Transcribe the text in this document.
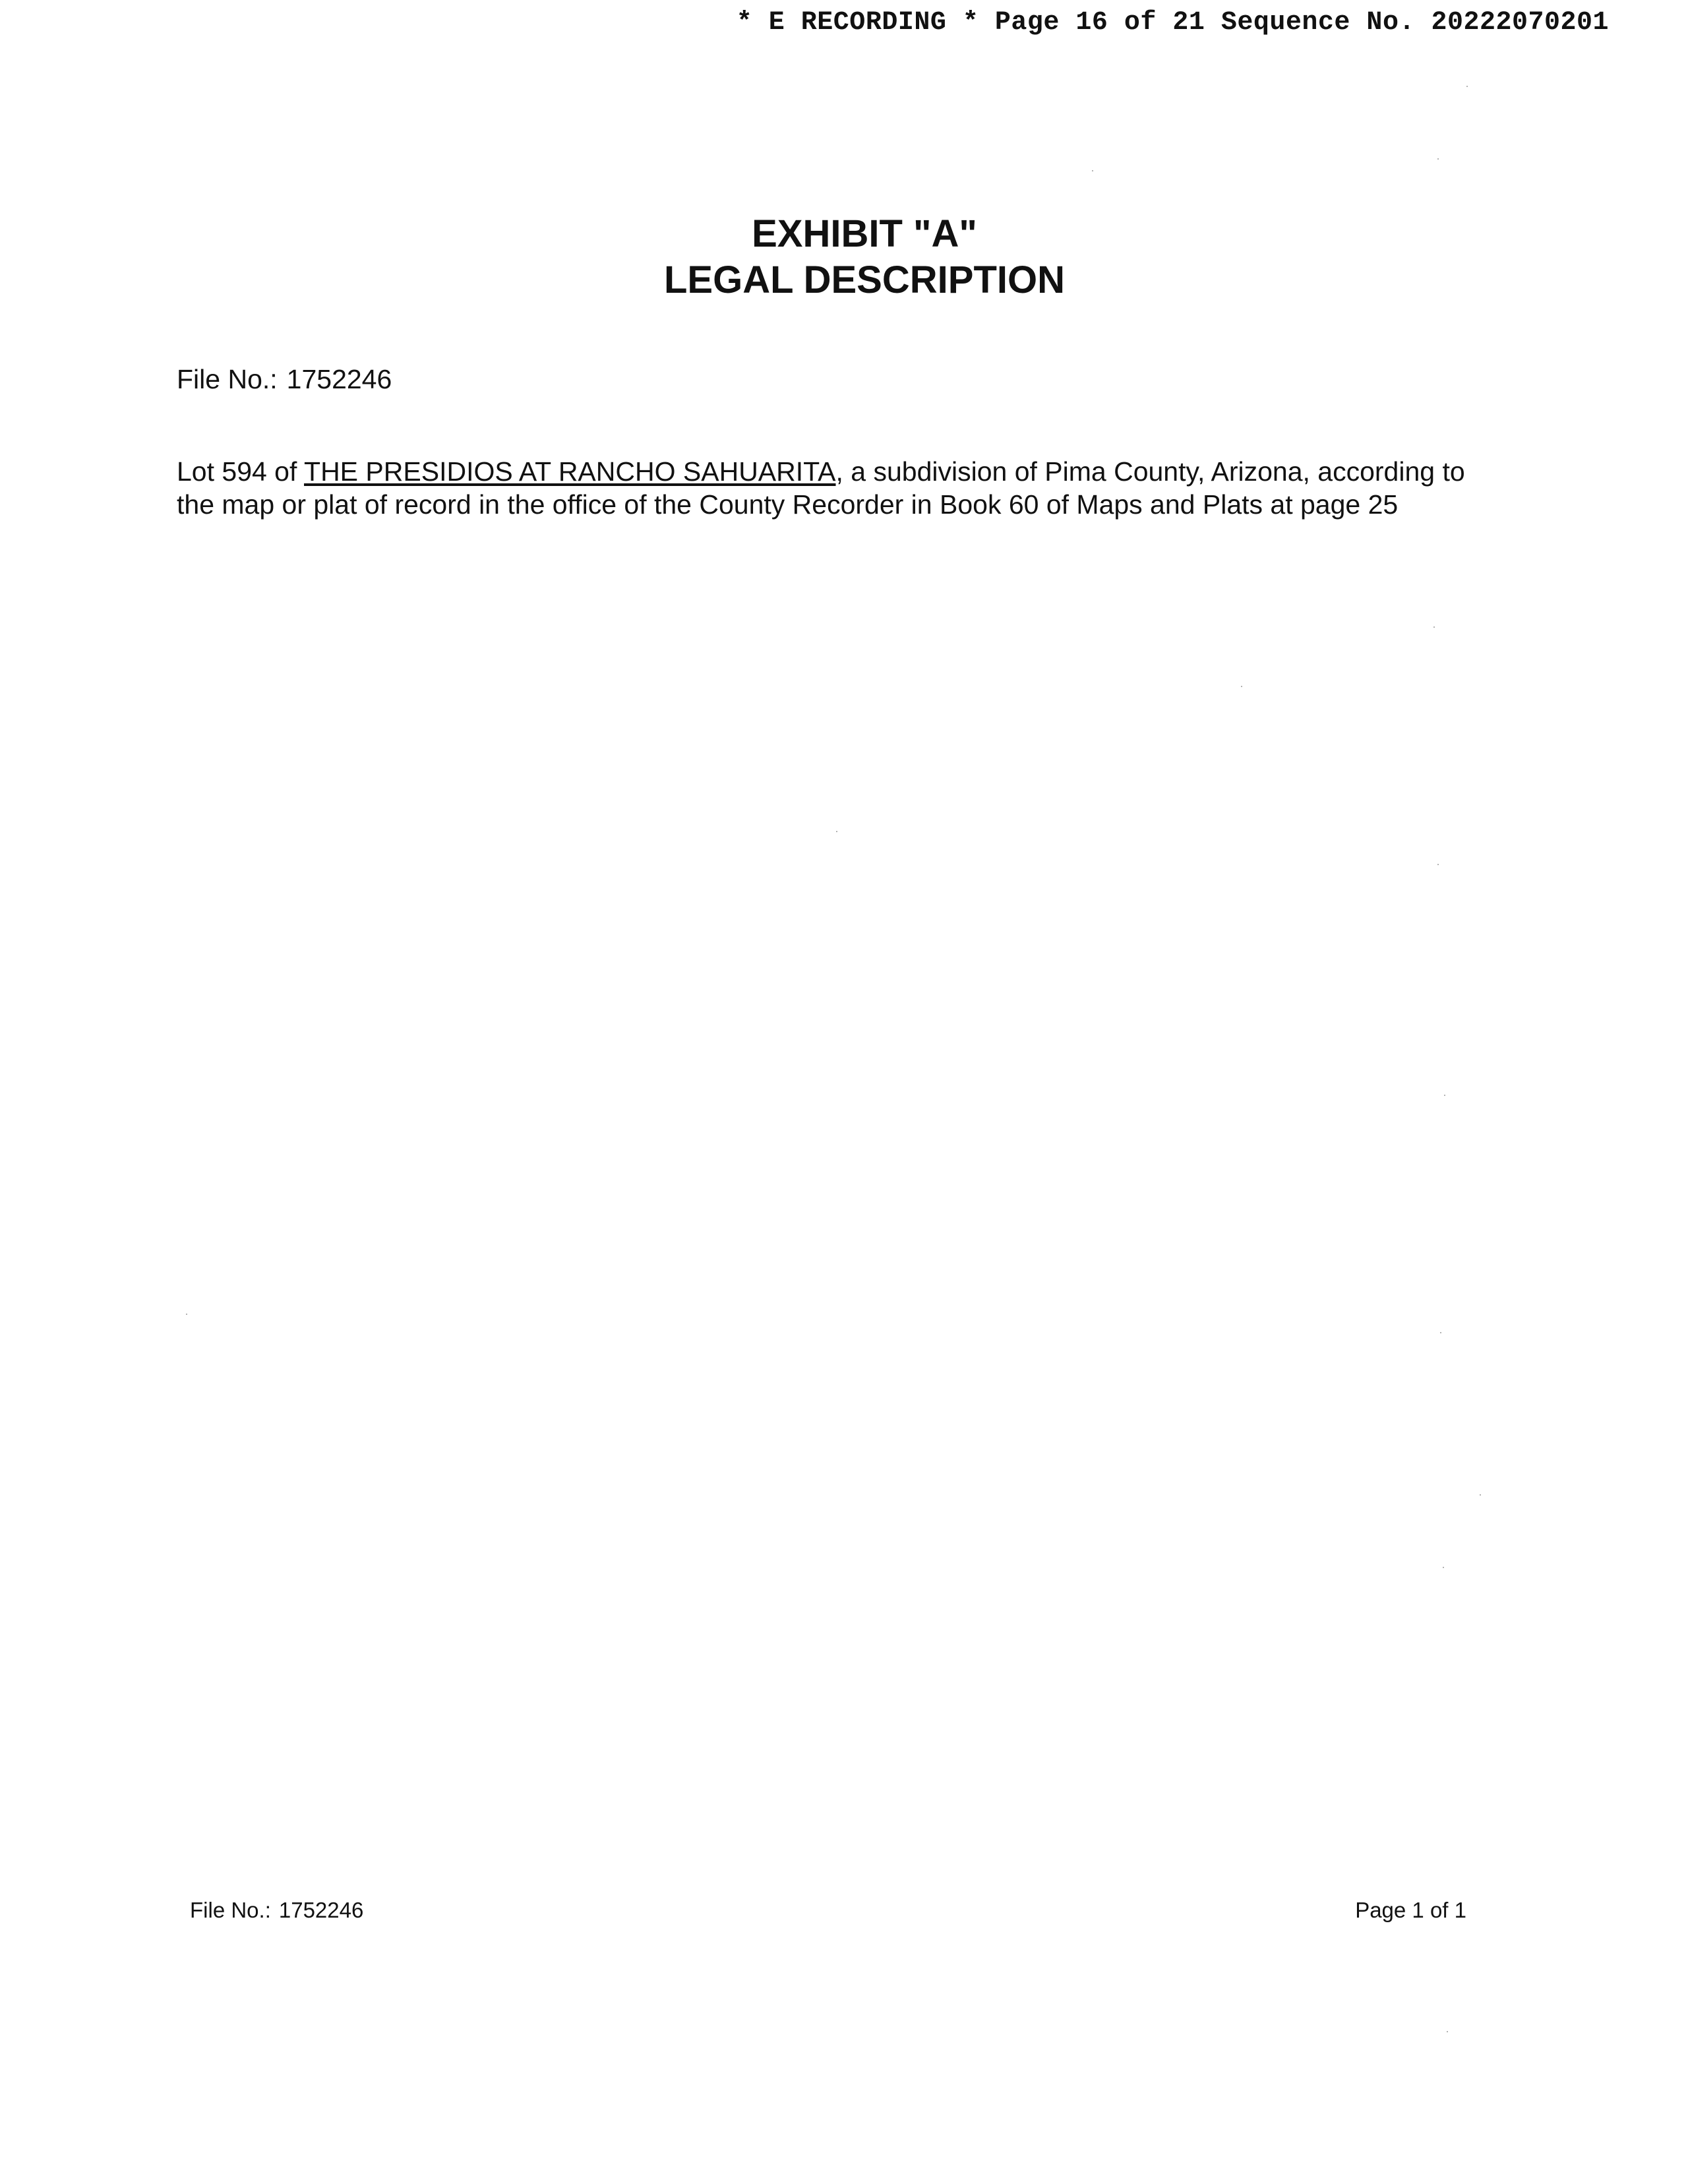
* E RECORDING * Page 16 of 21 Sequence No. 20222070201
EXHIBIT "A"
LEGAL DESCRIPTION
File No.: 1752246
Lot 594 of THE PRESIDIOS AT RANCHO SAHUARITA, a subdivision of Pima County, Arizona, according to the map or plat of record in the office of the County Recorder in Book 60 of Maps and Plats at page 25
File No.: 1752246	Page 1 of 1
